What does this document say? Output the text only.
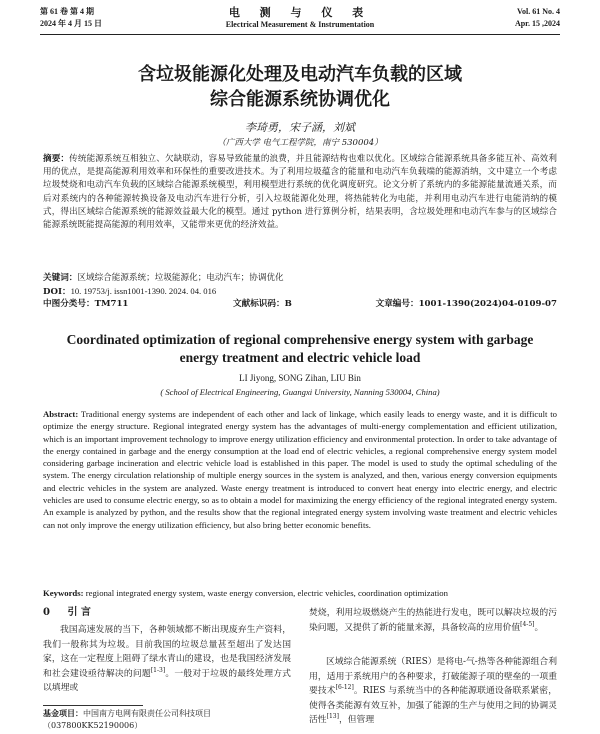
第 61 卷 第 4 期
2024 年 4 月 15 日
电 测 与 仪 表
Electrical Measurement & Instrumentation
Vol. 61 No. 4
Apr. 15 ,2024
含垃圾能源化处理及电动汽车负载的区域
综合能源系统协调优化
李琦勇，宋子涵，刘斌
（广西大学 电气工程学院，南宁 530004）
摘要：传统能源系统互相独立、欠缺联动，容易导致能量的浪费，并且能源结构也难以优化。区域综合能源系统具备多能互补、高效利用的优点，是提高能源利用效率和环保性的重要改进技术。为了利用垃圾蕴含的能量和电动汽车负载端的能源消纳，文中建立一个考虑垃圾焚烧和电动汽车负载的区域综合能源系统模型，利用模型进行系统的优化调度研究。论文分析了系统内的多能源能量流通关系，而后对系统内的各种能源转换设备及电动汽车进行分析，引入垃圾能源化处理，将热能转化为电能，并利用电动汽车进行电能消纳的模式，得出区域综合能源系统的能源效益最大化的模型。通过 python 进行算例分析，结果表明，含垃圾处理和电动汽车参与的区域综合能源系统既能提高能源的利用效率，又能带来更优的经济效益。
关键词：区域综合能源系统；垃圾能源化；电动汽车；协调优化
DOI：10. 19753/j. issn1001-1390. 2024. 04. 016
中图分类号：TM711	文献标识码：B	文章编号：1001-1390(2024)04-0109-07
Coordinated optimization of regional comprehensive energy system with garbage
energy treatment and electric vehicle load
LI Jiyong, SONG Zihan, LIU Bin
( School of Electrical Engineering, Guangxi University, Nanning 530004, China)
Abstract: Traditional energy systems are independent of each other and lack of linkage, which easily leads to energy waste, and it is difficult to optimize the energy structure. Regional integrated energy system has the advantages of multi-energy complementation and efficient utilization, which is an important improvement technology to improve energy utilization efficiency and environmental protection. In order to take advantage of the energy contained in garbage and the energy consumption at the load end of electric vehicles, a regional comprehensive energy system model considering garbage incineration and electric vehicle load is established in this paper. The model is used to study the optimal scheduling of the system. The energy circulation relationship of multiple energy sources in the system is analyzed, and then, various energy conversion equipments and electric vehicles in the system are analyzed. Waste energy treatment is introduced to convert heat energy into electric energy, and electric vehicles are used to consume electric energy, so as to obtain a model for maximizing the energy efficiency of the regional integrated energy system. An example is analyzed by python, and the results show that the regional integrated energy system involving waste treatment and electric vehicles can not only improve the energy utilization efficiency, but also bring better economic benefits.
Keywords: regional integrated energy system, waste energy conversion, electric vehicles, coordination optimization
0 引 言
我国高速发展的当下，各种领域都不断出现废弃生产资料，我们一般称其为垃圾。目前我国的垃圾总量甚至超出了发达国家，这在一定程度上阻碍了绿水青山的建设，也是我国经济发展和社会建设亟待解决的问题[1-3]。一般对于垃圾的最终处理方式以填埋或
基金项目：中国南方电网有限责任公司科技项目（037800KK52190006）
焚烧，利用垃圾燃烧产生的热能进行发电，既可以解决垃圾的污染问题，又提供了新的能量来源，具备较高的应用价值[4-5]。
区域综合能源系统（RIES）是将电-气-热等各种能源组合利用，适用于系统用户的各种要求，打破能源子项的壁垒的一项重要技术[6-12]。RIES 与系统当中的各种能源联通设备联系紧密，使得各类能源有效互补，加强了能源的生产与使用之间的协调灵活性[13]，但管理
